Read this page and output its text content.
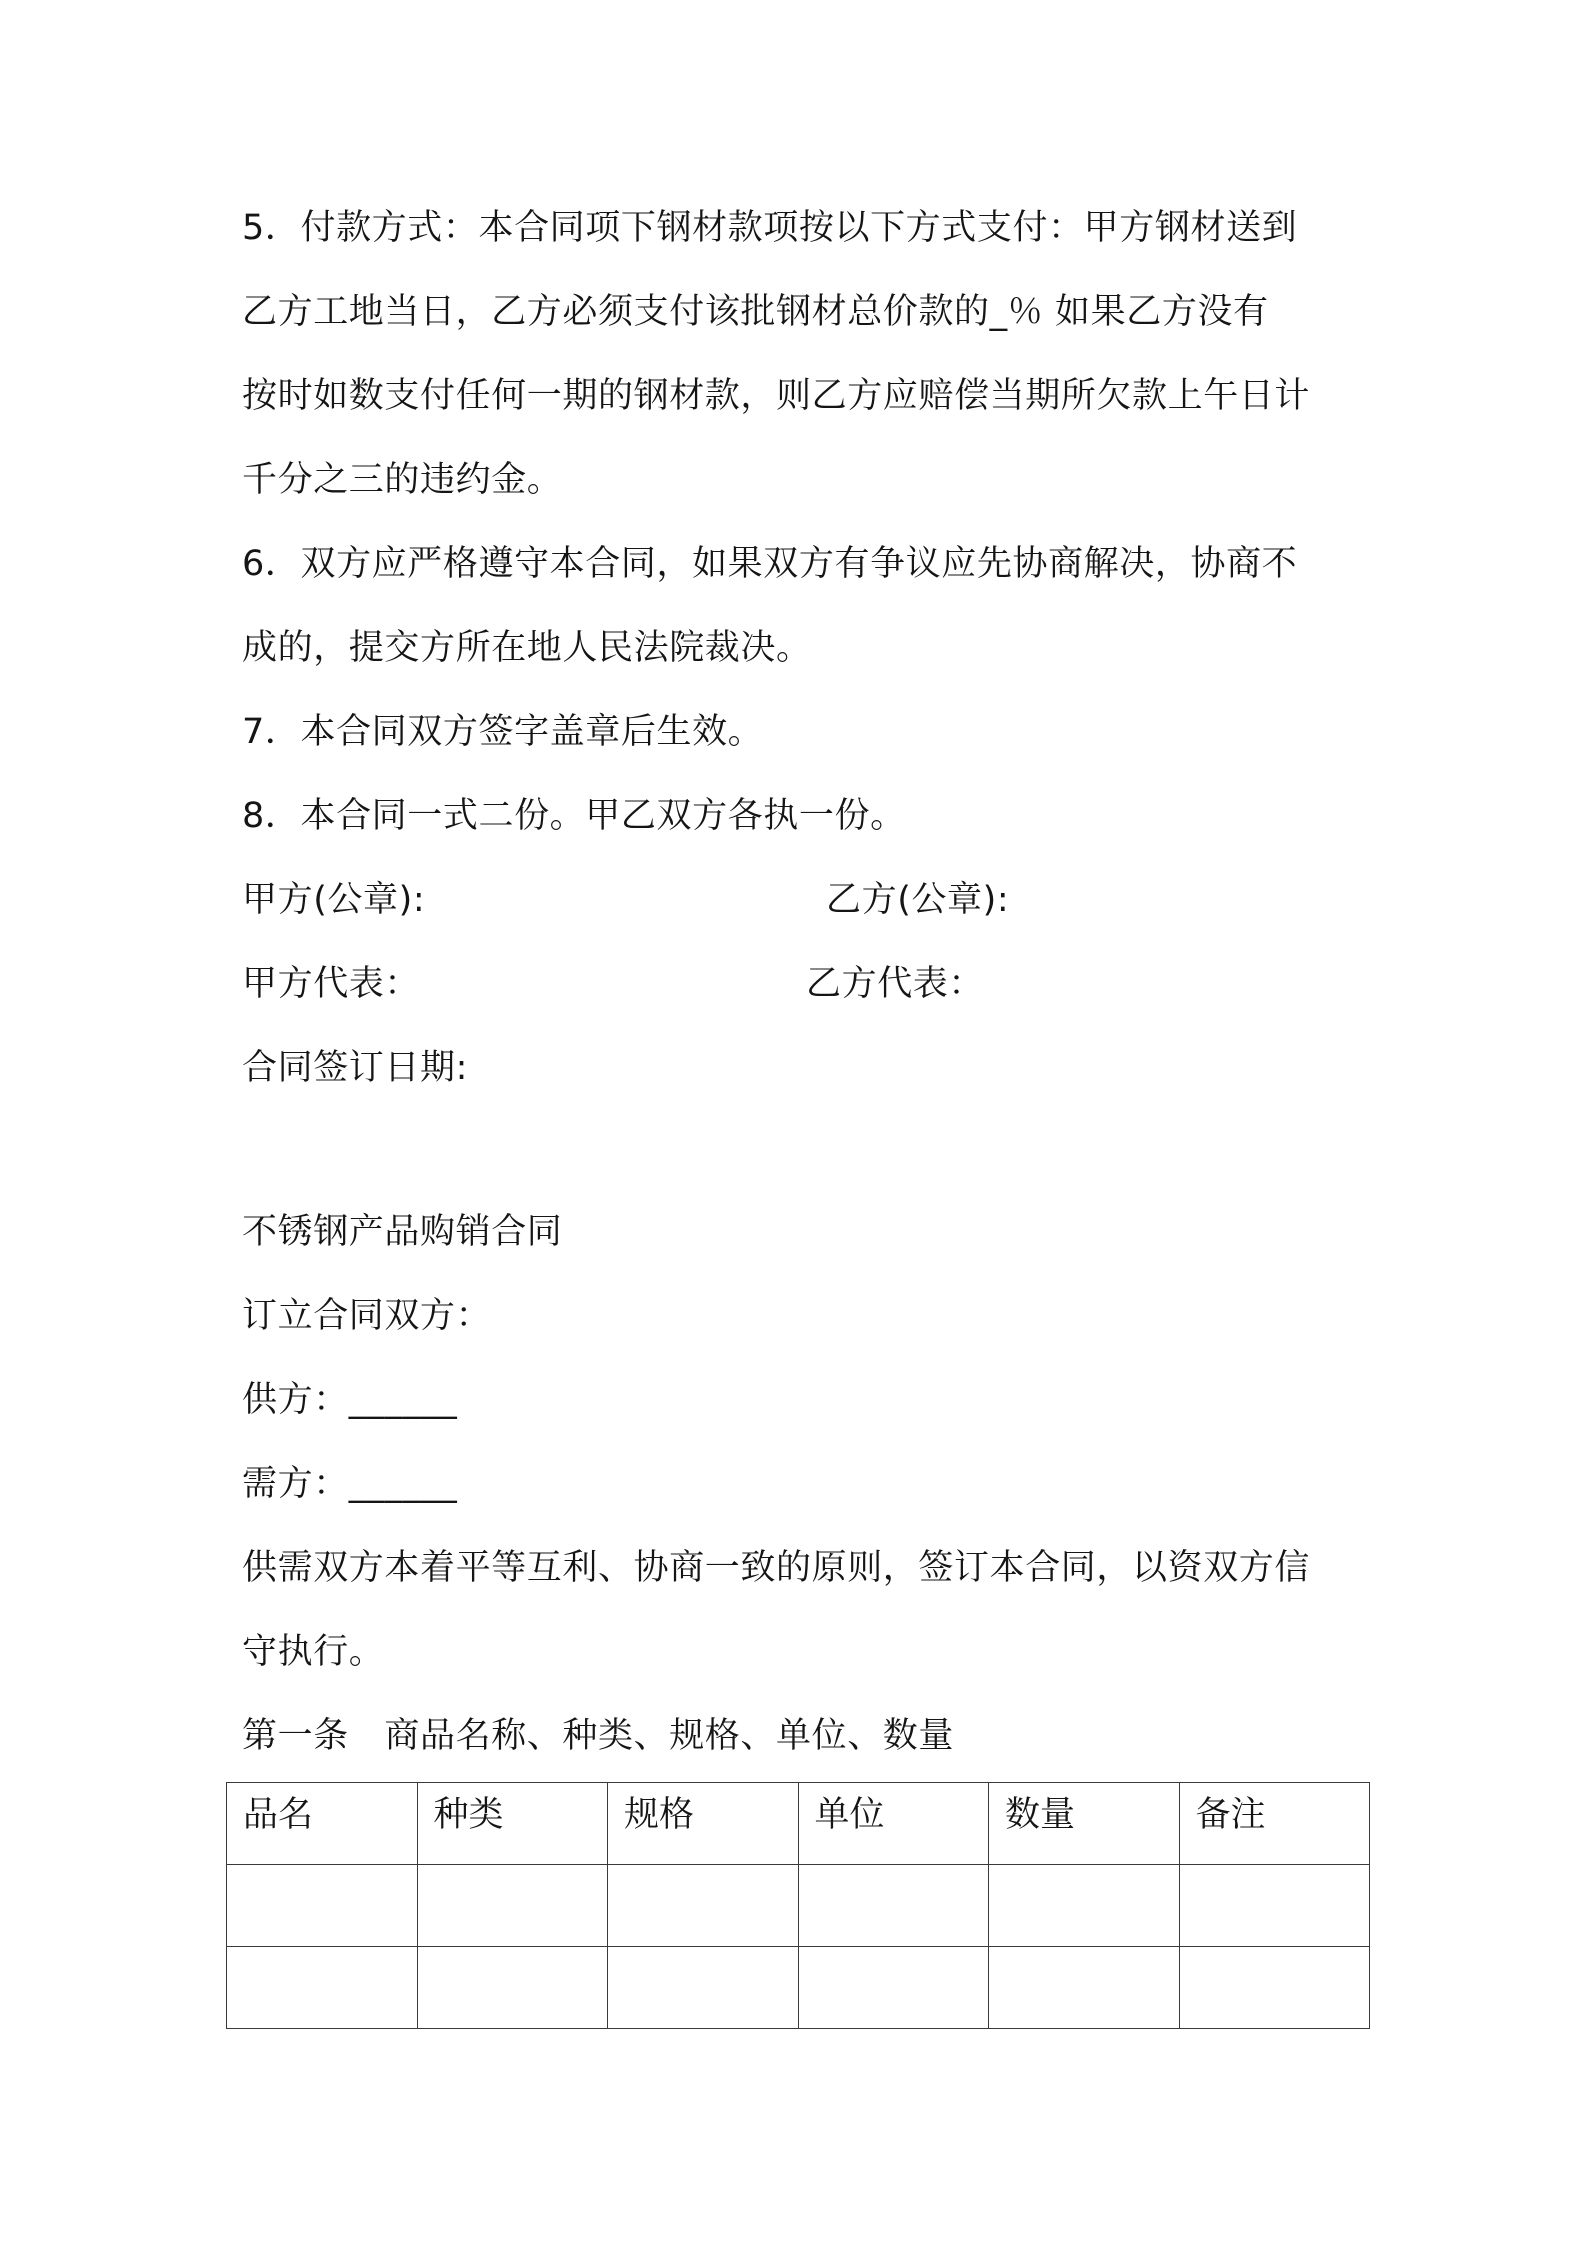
5．付款方式：本合同项下钢材款项按以下方式支付：甲方钢材送到
乙方工地当日，乙方必须支付该批钢材总价款的_％ 如果乙方没有
按时如数支付任何一期的钢材款，则乙方应赔偿当期所欠款上午日计
千分之三的违约金。
6．双方应严格遵守本合同，如果双方有争议应先协商解决，协商不
成的，提交方所在地人民法院裁决。
7．本合同双方签字盖章后生效。
8．本合同一式二份。甲乙双方各执一份。
甲方(公章):	乙方(公章):
甲方代表：	乙方代表：
合同签订日期:
不锈钢产品购销合同
订立合同双方：
供方：______
需方：______
供需双方本着平等互利、协商一致的原则，签订本合同，以资双方信
守执行。
第一条　商品名称、种类、规格、单位、数量
品名	种类	规格	单位	数量	备注
